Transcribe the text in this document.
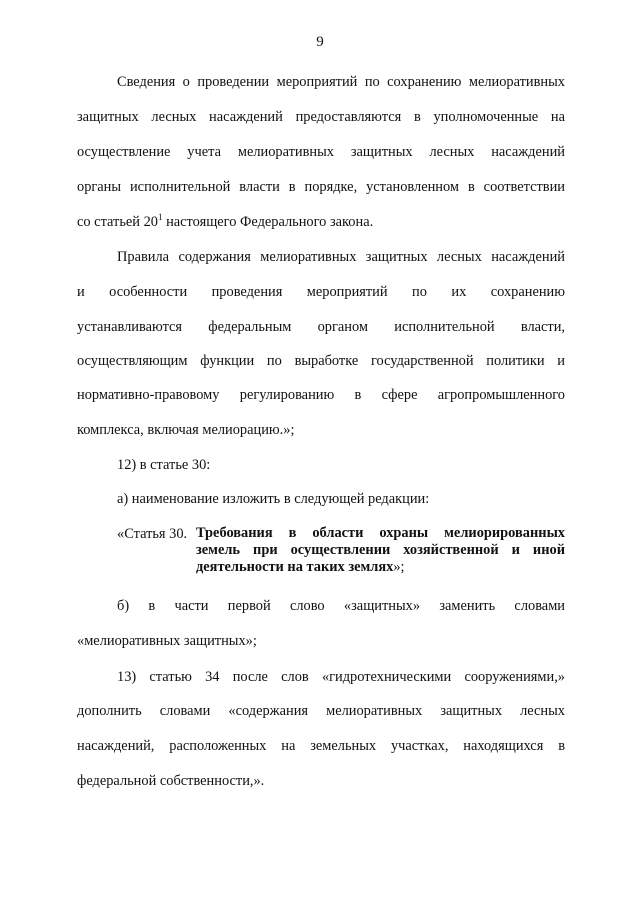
9
Сведения о проведении мероприятий по сохранению мелиоративных
защитных лесных насаждений предоставляются в уполномоченные на
осуществление учета мелиоративных защитных лесных насаждений
органы исполнительной власти в порядке, установленном в соответствии
со статьей $20^1$ настоящего Федерального закона.
Правила содержания мелиоративных защитных лесных насаждений
и особенности проведения мероприятий по их сохранению
устанавливаются федеральным органом исполнительной власти,
осуществляющим функции по выработке государственной политики и
нормативно-правовому регулированию в сфере агропромышленного
комплекса, включая мелиорацию.»;
12) в статье 30:
а) наименование изложить в следующей редакции:
«Статья 30. Требования в области охраны мелиорированных
земель при осуществлении хозяйственной и иной
деятельности на таких землях»;
б) в части первой слово «защитных» заменить словами
«мелиоративных защитных»;
13) статью 34 после слов «гидротехническими сооружениями,»
дополнить словами «содержания мелиоративных защитных лесных
насаждений, расположенных на земельных участках, находящихся в
федеральной собственности,».
